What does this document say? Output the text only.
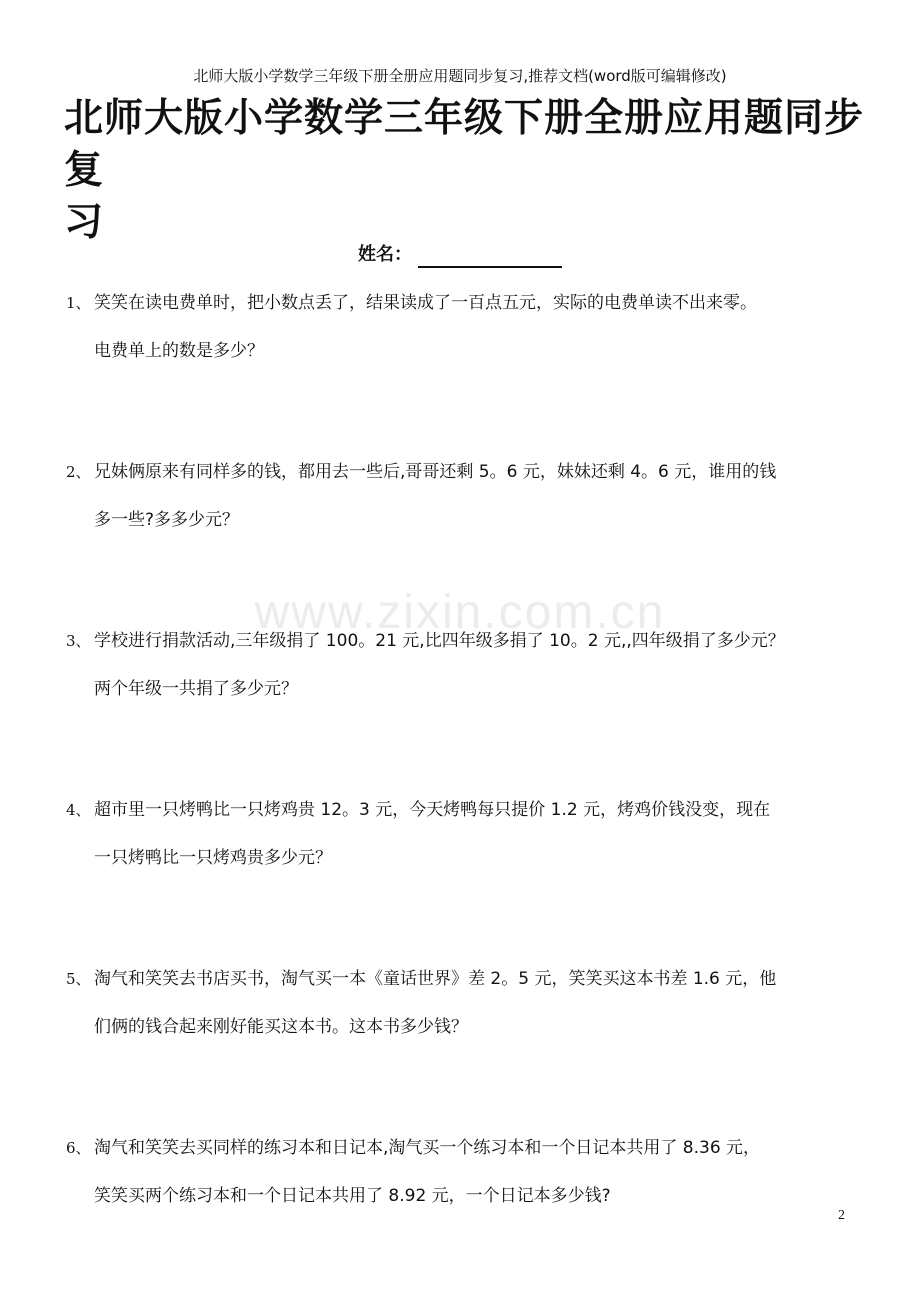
北师大版小学数学三年级下册全册应用题同步复习,推荐文档(word版可编辑修改)
北师大版小学数学三年级下册全册应用题同步复
习
姓名：
www.zixin.com.cn
1、 笑笑在读电费单时，把小数点丢了，结果读成了一百点五元，实际的电费单读不出来零。
电费单上的数是多少？
2、 兄妹俩原来有同样多的钱，都用去一些后,哥哥还剩 5。6 元，妹妹还剩 4。6 元，谁用的钱
多一些?多多少元？
3、 学校进行捐款活动,三年级捐了 100。21 元,比四年级多捐了 10。2 元,,四年级捐了多少元？
两个年级一共捐了多少元？
4、 超市里一只烤鸭比一只烤鸡贵 12。3 元，今天烤鸭每只提价 1.2 元，烤鸡价钱没变，现在
一只烤鸭比一只烤鸡贵多少元？
5、 淘气和笑笑去书店买书，淘气买一本《童话世界》差 2。5 元，笑笑买这本书差 1.6 元，他
们俩的钱合起来刚好能买这本书。这本书多少钱？
6、 淘气和笑笑去买同样的练习本和日记本,淘气买一个练习本和一个日记本共用了 8.36 元，
笑笑买两个练习本和一个日记本共用了 8.92 元，一个日记本多少钱?
2
